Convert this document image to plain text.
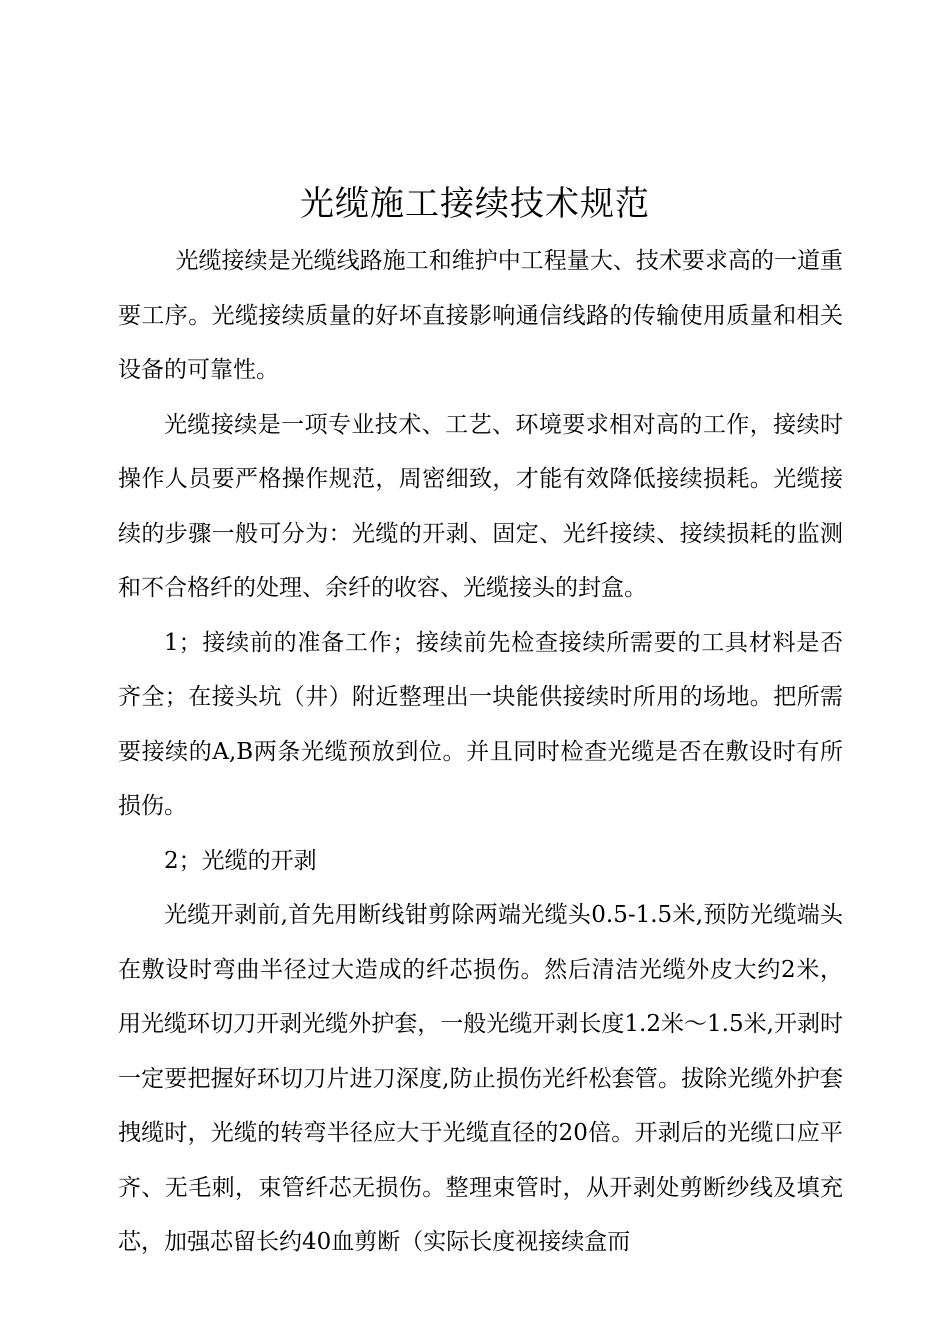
光缆施工接续技术规范

光缆接续是光缆线路施工和维护中工程量大、技术要求高的一道重要工序。光缆接续质量的好坏直接影响通信线路的传输使用质量和相关设备的可靠性。

光缆接续是一项专业技术、工艺、环境要求相对高的工作，接续时操作人员要严格操作规范，周密细致，才能有效降低接续损耗。光缆接续的步骤一般可分为：光缆的开剥、固定、光纤接续、接续损耗的监测和不合格纤的处理、余纤的收容、光缆接头的封盒。

1；接续前的准备工作；接续前先检查接续所需要的工具材料是否齐全；在接头坑（井）附近整理出一块能供接续时所用的场地。把所需要接续的A,B两条光缆预放到位。并且同时检查光缆是否在敷设时有所损伤。

2；光缆的开剥

光缆开剥前,首先用断线钳剪除两端光缆头0.5-1.5米,预防光缆端头在敷设时弯曲半径过大造成的纤芯损伤。然后清洁光缆外皮大约2米，用光缆环切刀开剥光缆外护套，一般光缆开剥长度1.2米～1.5米,开剥时一定要把握好环切刀片进刀深度,防止损伤光纤松套管。拔除光缆外护套拽缆时，光缆的转弯半径应大于光缆直径的20倍。开剥后的光缆口应平齐、无毛刺，束管纤芯无损伤。整理束管时，从开剥处剪断纱线及填充芯，加强芯留长约40血剪断（实际长度视接续盒而
